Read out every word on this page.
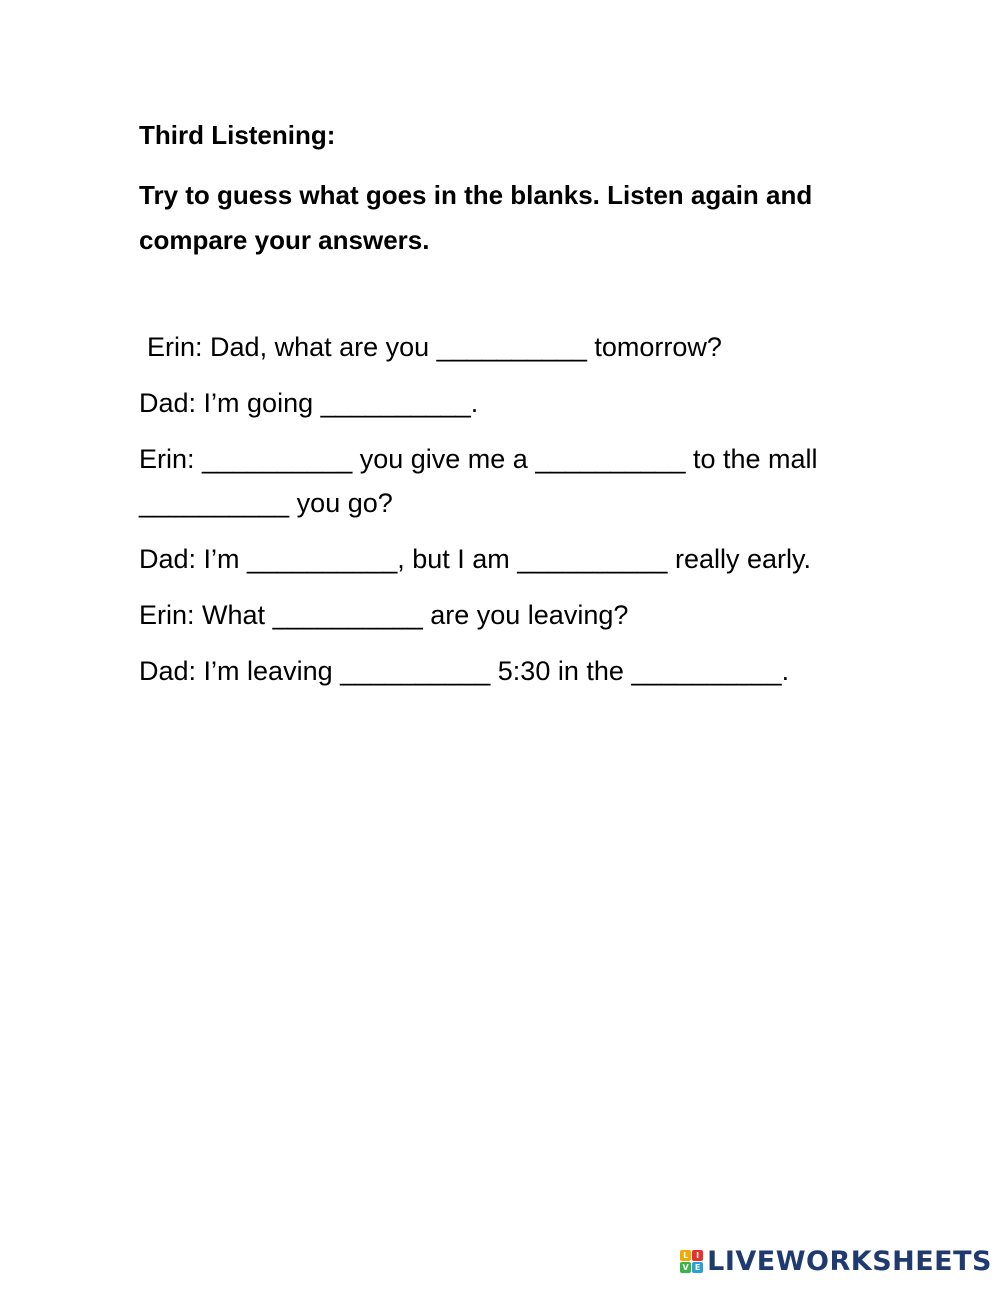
Third Listening:

Try to guess what goes in the blanks. Listen again and compare your answers.

Erin: Dad, what are you __________ tomorrow?

Dad: I’m going __________.

Erin: __________ you give me a __________ to the mall __________ you go?

Dad: I’m __________, but I am __________ really early.

Erin: What __________ are you leaving?

Dad: I’m leaving __________ 5:30 in the __________.

L I
V E LIVEWORKSHEETS
